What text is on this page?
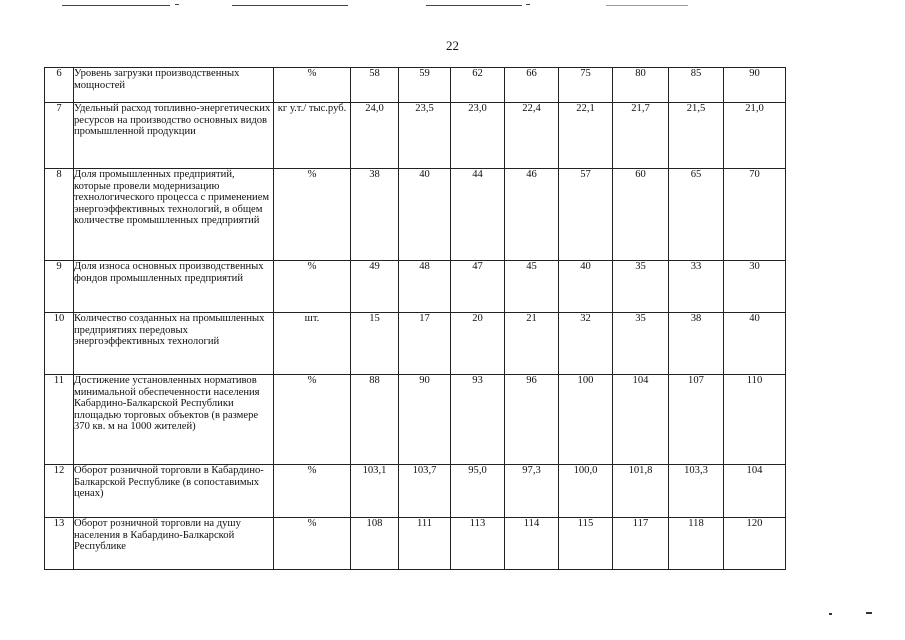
22
6	Уровень загрузки производственных мощностей	%	58	59	62	66	75	80	85	90
7	Удельный расход топливно-энергетических ресурсов на производство основных видов промышленной продукции	кг у.т./ тыс.руб.	24,0	23,5	23,0	22,4	22,1	21,7	21,5	21,0
8	Доля промышленных предприятий, которые провели модернизацию технологического процесса с применением энергоэффективных технологий, в общем количестве промышленных предприятий	%	38	40	44	46	57	60	65	70
9	Доля износа основных производственных фондов промышленных предприятий	%	49	48	47	45	40	35	33	30
10	Количество созданных на промышленных предприятиях передовых энергоэффективных технологий	шт.	15	17	20	21	32	35	38	40
11	Достижение установленных нормативов минимальной обеспеченности населения Кабардино-Балкарской Республики площадью торговых объектов (в размере 370 кв. м на 1000 жителей)	%	88	90	93	96	100	104	107	110
12	Оборот розничной торговли в Кабардино-Балкарской Республике (в сопоставимых ценах)	%	103,1	103,7	95,0	97,3	100,0	101,8	103,3	104
13	Оборот розничной торговли на душу населения в Кабардино-Балкарской Республике	%	108	111	113	114	115	117	118	120
